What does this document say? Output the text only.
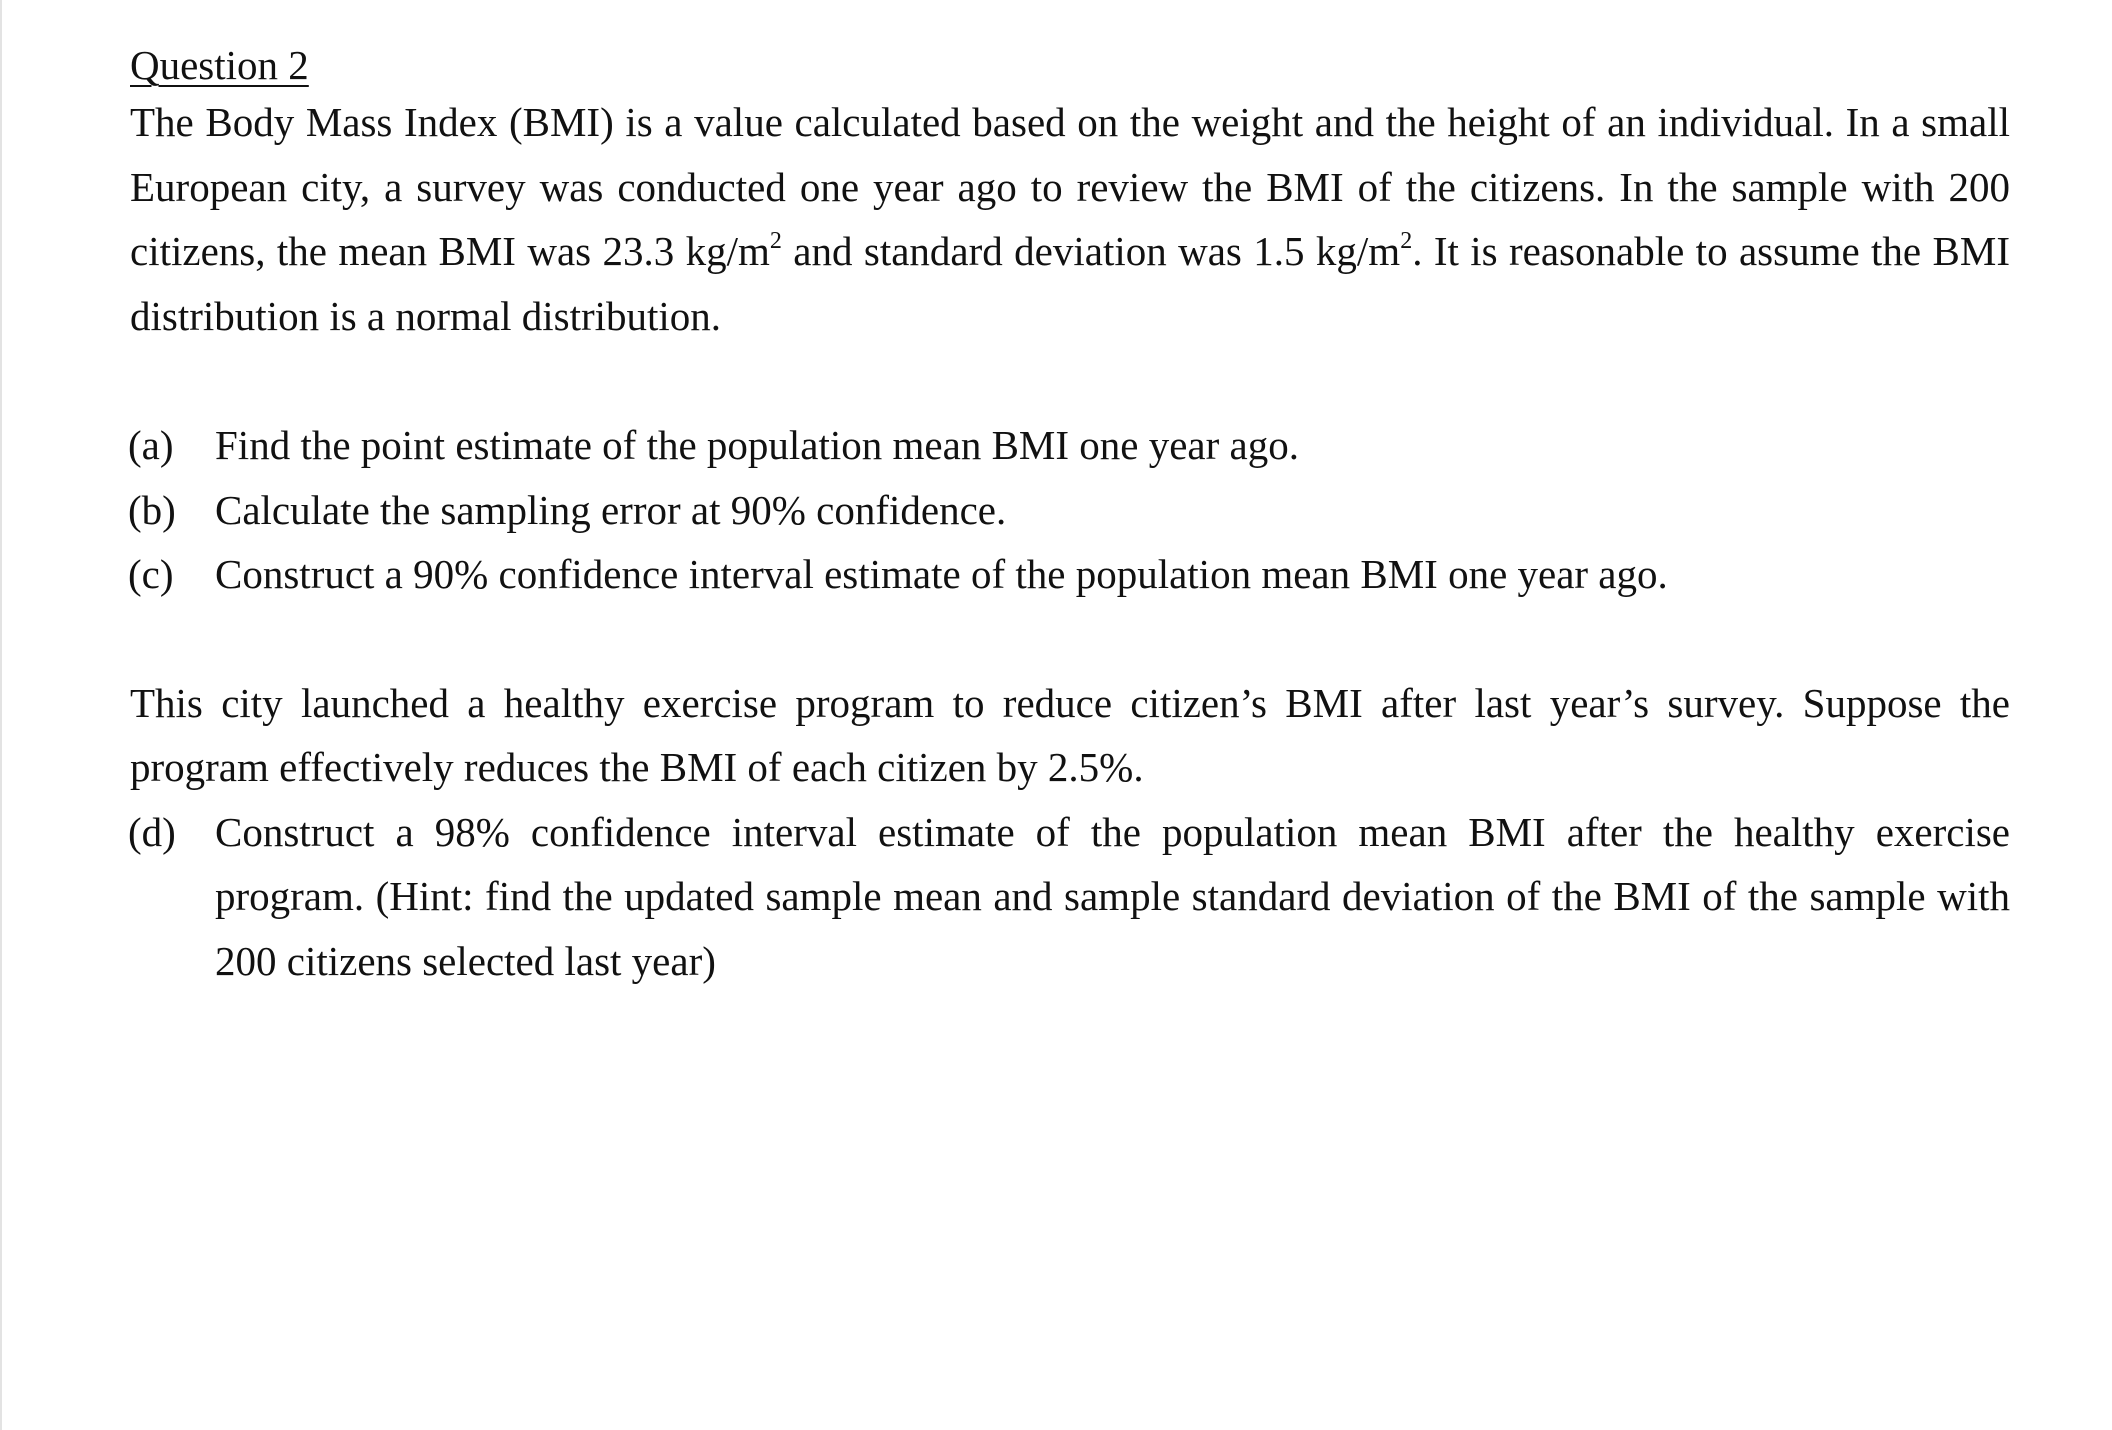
Question 2

The Body Mass Index (BMI) is a value calculated based on the weight and the height of an individual. In a small European city, a survey was conducted one year ago to review the BMI of the citizens. In the sample with 200 citizens, the mean BMI was 23.3 $kg/m^2$ and standard deviation was 1.5 $kg/m^2$. It is reasonable to assume the BMI distribution is a normal distribution.

(a)	Find the point estimate of the population mean BMI one year ago.
(b) Calculate the sampling error at 90% confidence.
(c)	Construct a 90% confidence interval estimate of the population mean BMI one year ago.

This city launched a healthy exercise program to reduce citizen’s BMI after last year’s survey. Suppose the program effectively reduces the BMI of each citizen by 2.5%.

(d) Construct a 98% confidence interval estimate of the population mean BMI after the healthy exercise program. (Hint: find the updated sample mean and sample standard deviation of the BMI of the sample with 200 citizens selected last year)
